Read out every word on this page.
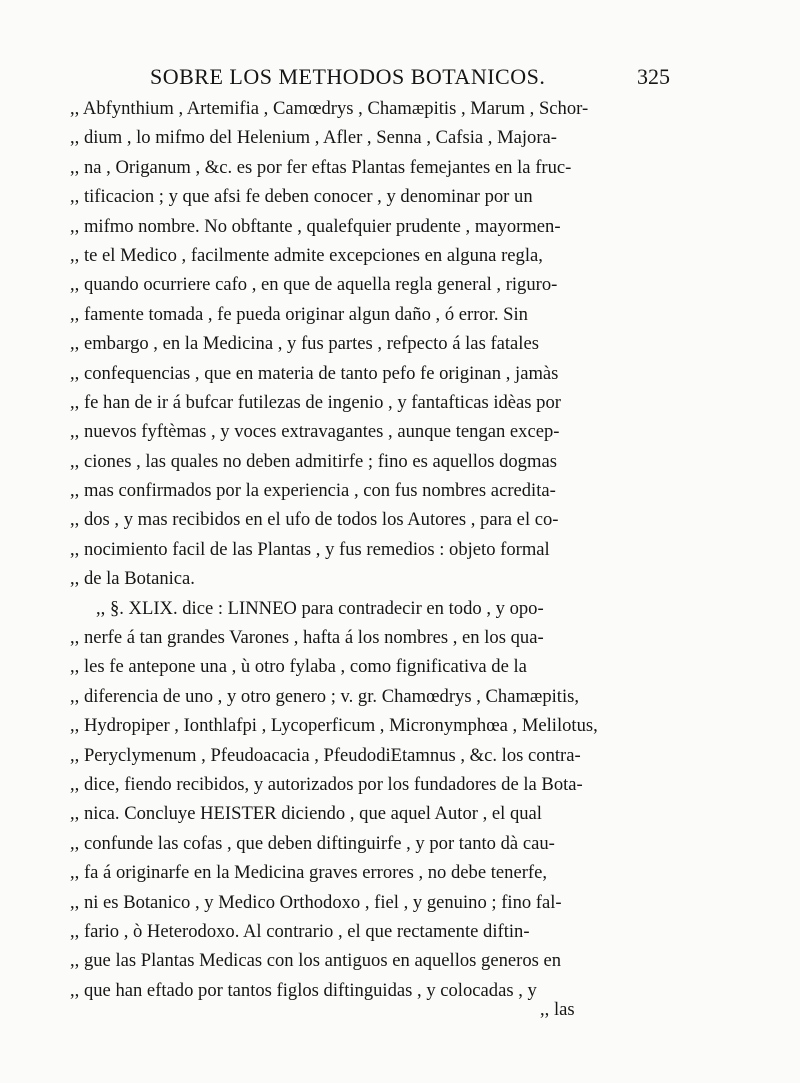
SOBRE LOS METHODOS BOTANICOS.	325
,, Abfynthium , Artemifia , Camœdrys , Chamæpitis , Marum , Schor-
,, dium , lo mifmo del Helenium , Afler , Senna , Cafsia , Majora-
,, na , Origanum , &c. es por fer eftas Plantas femejantes en la fruc-
,, tificacion ; y que afsi fe deben conocer , y denominar por un
,, mifmo nombre. No obftante , qualefquier prudente , mayormen-
,, te el Medico , facilmente admite excepciones en alguna regla,
,, quando ocurriere cafo , en que de aquella regla general , riguro-
,, famente tomada , fe pueda originar algun daño , ó error. Sin
,, embargo , en la Medicina , y fus partes , refpecto á las fatales
,, confequencias , que en materia de tanto pefo fe originan , jamàs
,, fe han de ir á bufcar futilezas de ingenio , y fantafticas idèas por
,, nuevos fyftèmas , y voces extravagantes , aunque tengan excep-
,, ciones , las quales no deben admitirfe ; fino es aquellos dogmas
,, mas confirmados por la experiencia , con fus nombres acredita-
,, dos , y mas recibidos en el ufo de todos los Autores , para el co-
,, nocimiento facil de las Plantas , y fus remedios : objeto formal
,, de la Botanica.
,, §. XLIX. dice : LINNEO para contradecir en todo , y opo-
,, nerfe á tan grandes Varones , hafta á los nombres , en los qua-
,, les fe antepone una , ù otro fylaba , como fignificativa de la
,, diferencia de uno , y otro genero ; v. gr. Chamœdrys , Chamæpitis,
,, Hydropiper , Ionthlafpi , Lycoperficum , Micronymphœa , Melilotus,
,, Peryclymenum , Pfeudoacacia , PfeudodiEtamnus , &c. los contra-
,, dice, fiendo recibidos, y autorizados por los fundadores de la Bota-
,, nica. Concluye HEISTER diciendo , que aquel Autor , el qual
,, confunde las cofas , que deben diftinguirfe , y por tanto dà cau-
,, fa á originarfe en la Medicina graves errores , no debe tenerfe,
,, ni es Botanico , y Medico Orthodoxo , fiel , y genuino ; fino fal-
,, fario , ò Heterodoxo. Al contrario , el que rectamente diftin-
,, gue las Plantas Medicas con los antiguos en aquellos generos en
,, que han eftado por tantos figlos diftinguidas , y colocadas , y
,, las
